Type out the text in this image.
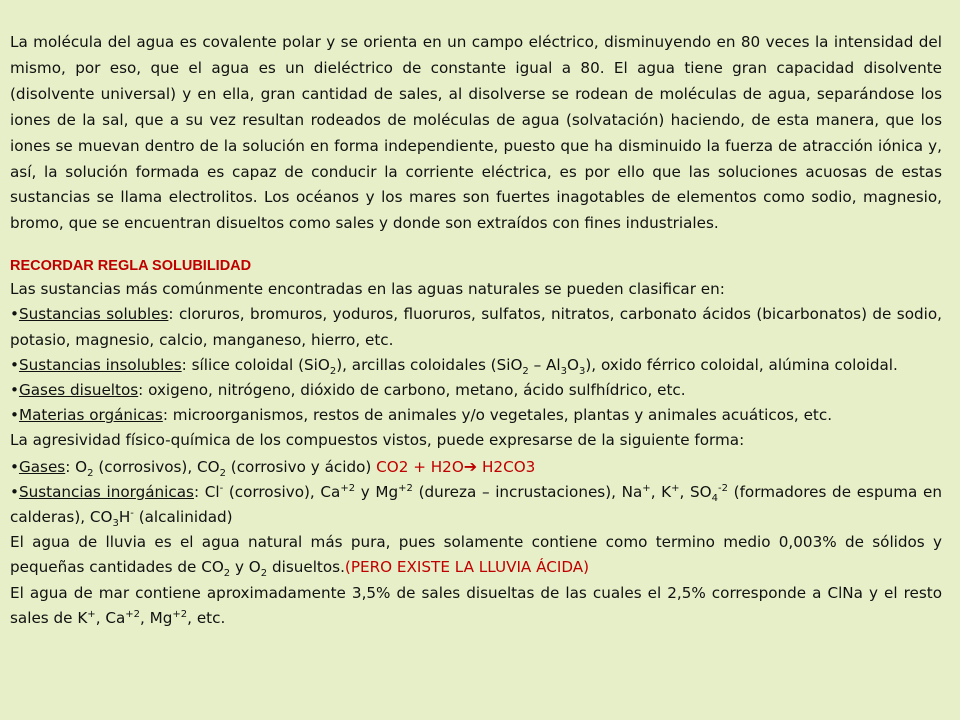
La molécula del agua es covalente polar y se orienta en un campo eléctrico, disminuyendo en 80 veces la intensidad del mismo, por eso, que el agua es un dieléctrico de constante igual a 80. El agua tiene gran capacidad disolvente (disolvente universal) y en ella, gran cantidad de sales, al disolverse se rodean de moléculas de agua, separándose los iones de la sal, que a su vez resultan rodeados de moléculas de agua (solvatación) haciendo, de esta manera, que los iones se muevan dentro de la solución en forma independiente, puesto que ha disminuido la fuerza de atracción iónica y, así, la solución formada es capaz de conducir la corriente eléctrica, es por ello que las soluciones acuosas de estas sustancias se llama electrolitos. Los océanos y los mares son fuertes inagotables de elementos como sodio, magnesio, bromo, que se encuentran disueltos como sales y donde son extraídos con fines industriales.

RECORDAR REGLA SOLUBILIDAD

Las sustancias más comúnmente encontradas en las aguas naturales se pueden clasificar en:

•Sustancias solubles: cloruros, bromuros, yoduros, fluoruros, sulfatos, nitratos, carbonato ácidos (bicarbonatos) de sodio, potasio, magnesio, calcio, manganeso, hierro, etc.

•Sustancias insolubles: sílice coloidal (SiO$_2$), arcillas coloidales $(SiO_2 - Al_3O_3)$, oxido férrico coloidal, alúmina coloidal.

•Gases disueltos: oxigeno, nitrógeno, dióxido de carbono, metano, ácido sulfhídrico, etc.

•Materias orgánicas: microorganismos, restos de animales y/o vegetales, plantas y animales acuáticos, etc.

La agresividad físico-química de los compuestos vistos, puede expresarse de la siguiente forma:

•Gases: $O_2$ (corrosivos), $CO_2$ (corrosivo y ácido) CO2 + H2O➔ H2CO3

•Sustancias inorgánicas: Cl- (corrosivo), $Ca^{+2}$ y $Mg^{+2}$ (dureza – incrustaciones), Na+, K+, $SO_4^{-2}$ (formadores de espuma en calderas), $CO_3H^-$ (alcalinidad)

El agua de lluvia es el agua natural más pura, pues solamente contiene como termino medio 0,003% de sólidos y pequeñas cantidades de $CO_2$ y $O_2$ disueltos.(PERO EXISTE LA LLUVIA ÁCIDA)

El agua de mar contiene aproximadamente 3,5% de sales disueltas de las cuales el 2,5% corresponde a ClNa y el resto sales de K+, $Ca^{+2}$, $Mg^{+2}$, etc.
